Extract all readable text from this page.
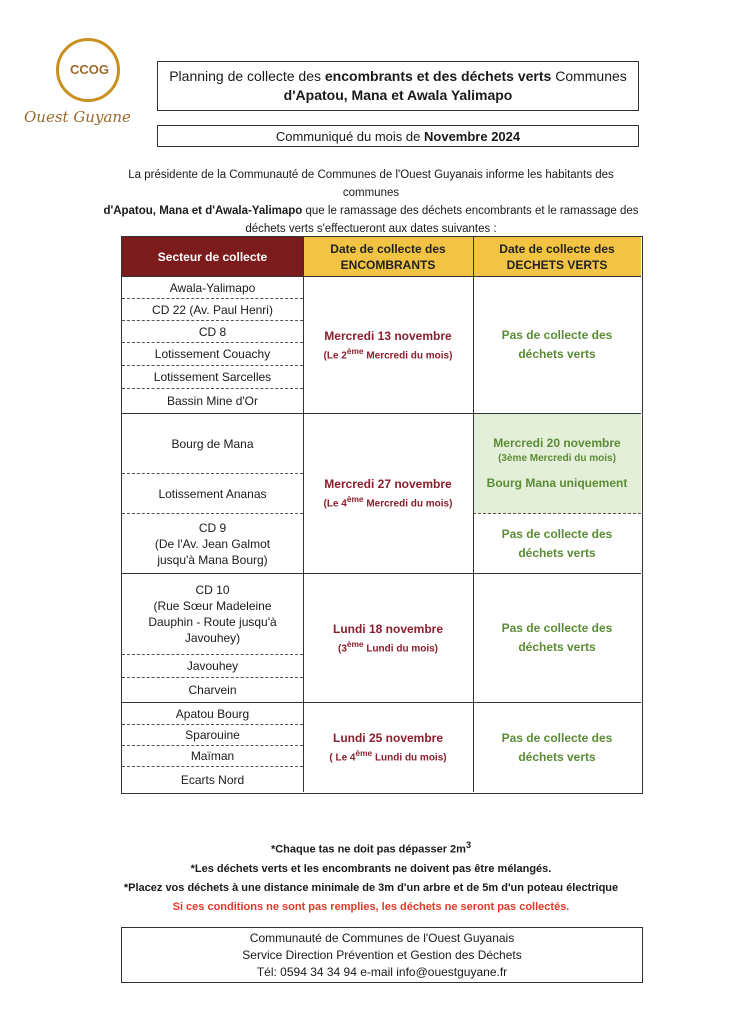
CCOG
Ouest Guyane
Planning de collecte des encombrants et des déchets verts Communes
d'Apatou, Mana et Awala Yalimapo
Communiqué du mois de
Novembre 2024
La présidente de la Communauté de Communes de l'Ouest Guyanais informe les habitants des communes
d'Apatou, Mana et d'Awala-Yalimapo que le ramassage des déchets encombrants et le ramassage des
déchets verts s'effectueront aux dates suivantes :
Secteur de collecte
Date de collecte des
ENCOMBRANTS
Date de collecte des
DECHETS VERTS
Awala-Yalimapo
CD 22 (Av. Paul Henri)
CD 8
Lotissement Couachy
Lotissement Sarcelles
Bassin Mine d'Or
Mercredi 13 novembre
(Le 2ème Mercredi du mois)
Pas de collecte des
déchets verts
Bourg de Mana
Lotissement Ananas
CD 9
(De l'Av. Jean Galmot
jusqu'à Mana Bourg)
Mercredi 27 novembre
(Le 4ème Mercredi du mois)
Mercredi 20 novembre
(3ème Mercredi du mois)
Bourg Mana uniquement
Pas de collecte des
déchets verts
CD 10
(Rue Sœur Madeleine
Dauphin - Route jusqu'à
Javouhey)
Javouhey
Charvein
Lundi 18 novembre
(3ème Lundi du mois)
Pas de collecte des
déchets verts
Apatou Bourg
Sparouine
Maïman
Ecarts Nord
Lundi 25 novembre
( Le 4ème Lundi du mois)
Pas de collecte des
déchets verts
*Chaque tas ne doit pas dépasser $2m^3$
*Les déchets verts et les encombrants ne doivent pas être mélangés.
*Placez vos déchets à une distance minimale de 3m d'un arbre et de 5m d'un poteau électrique
Si ces conditions ne sont pas remplies, les déchets ne seront pas collectés.
Communauté de Communes de l'Ouest Guyanais
Service Direction Prévention et Gestion des Déchets
Tél: 0594 34 34 94 e-mail info@ouestguyane.fr
